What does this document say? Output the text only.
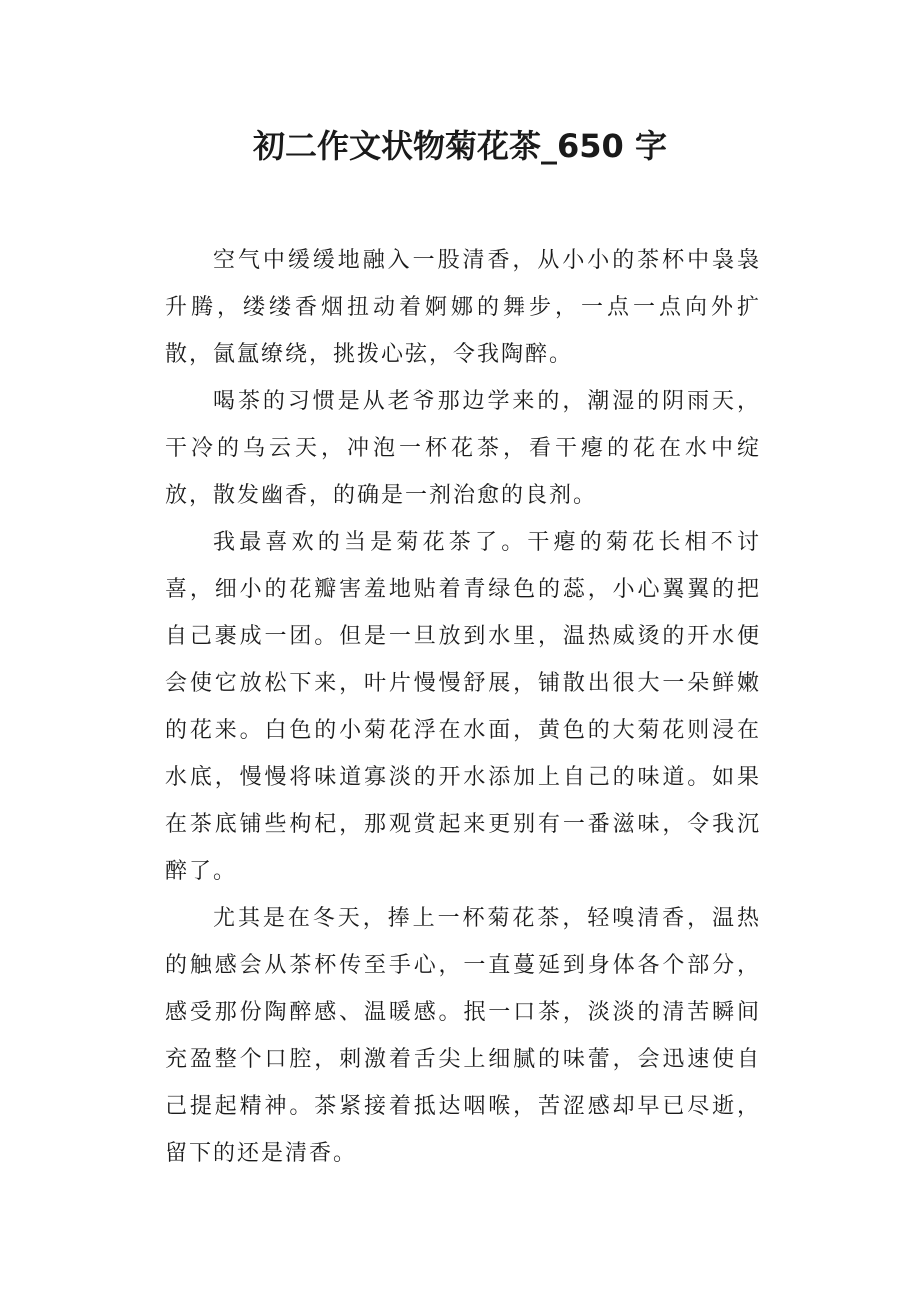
初二作文状物菊花茶_650 字

空气中缓缓地融入一股清香，从小小的茶杯中袅袅升腾，缕缕香烟扭动着婀娜的舞步，一点一点向外扩散，氤氲缭绕，挑拨心弦，令我陶醉。

喝茶的习惯是从老爷那边学来的，潮湿的阴雨天，干冷的乌云天，冲泡一杯花茶，看干瘪的花在水中绽放，散发幽香，的确是一剂治愈的良剂。

我最喜欢的当是菊花茶了。干瘪的菊花长相不讨喜，细小的花瓣害羞地贴着青绿色的蕊，小心翼翼的把自己裹成一团。但是一旦放到水里，温热威烫的开水便会使它放松下来，叶片慢慢舒展，铺散出很大一朵鲜嫩的花来。白色的小菊花浮在水面，黄色的大菊花则浸在水底，慢慢将味道寡淡的开水添加上自己的味道。如果在茶底铺些枸杞，那观赏起来更别有一番滋味，令我沉醉了。

尤其是在冬天，捧上一杯菊花茶，轻嗅清香，温热的触感会从茶杯传至手心，一直蔓延到身体各个部分，感受那份陶醉感、温暖感。抿一口茶，淡淡的清苦瞬间充盈整个口腔，刺激着舌尖上细腻的味蕾，会迅速使自己提起精神。茶紧接着抵达咽喉，苦涩感却早已尽逝，留下的还是清香。
